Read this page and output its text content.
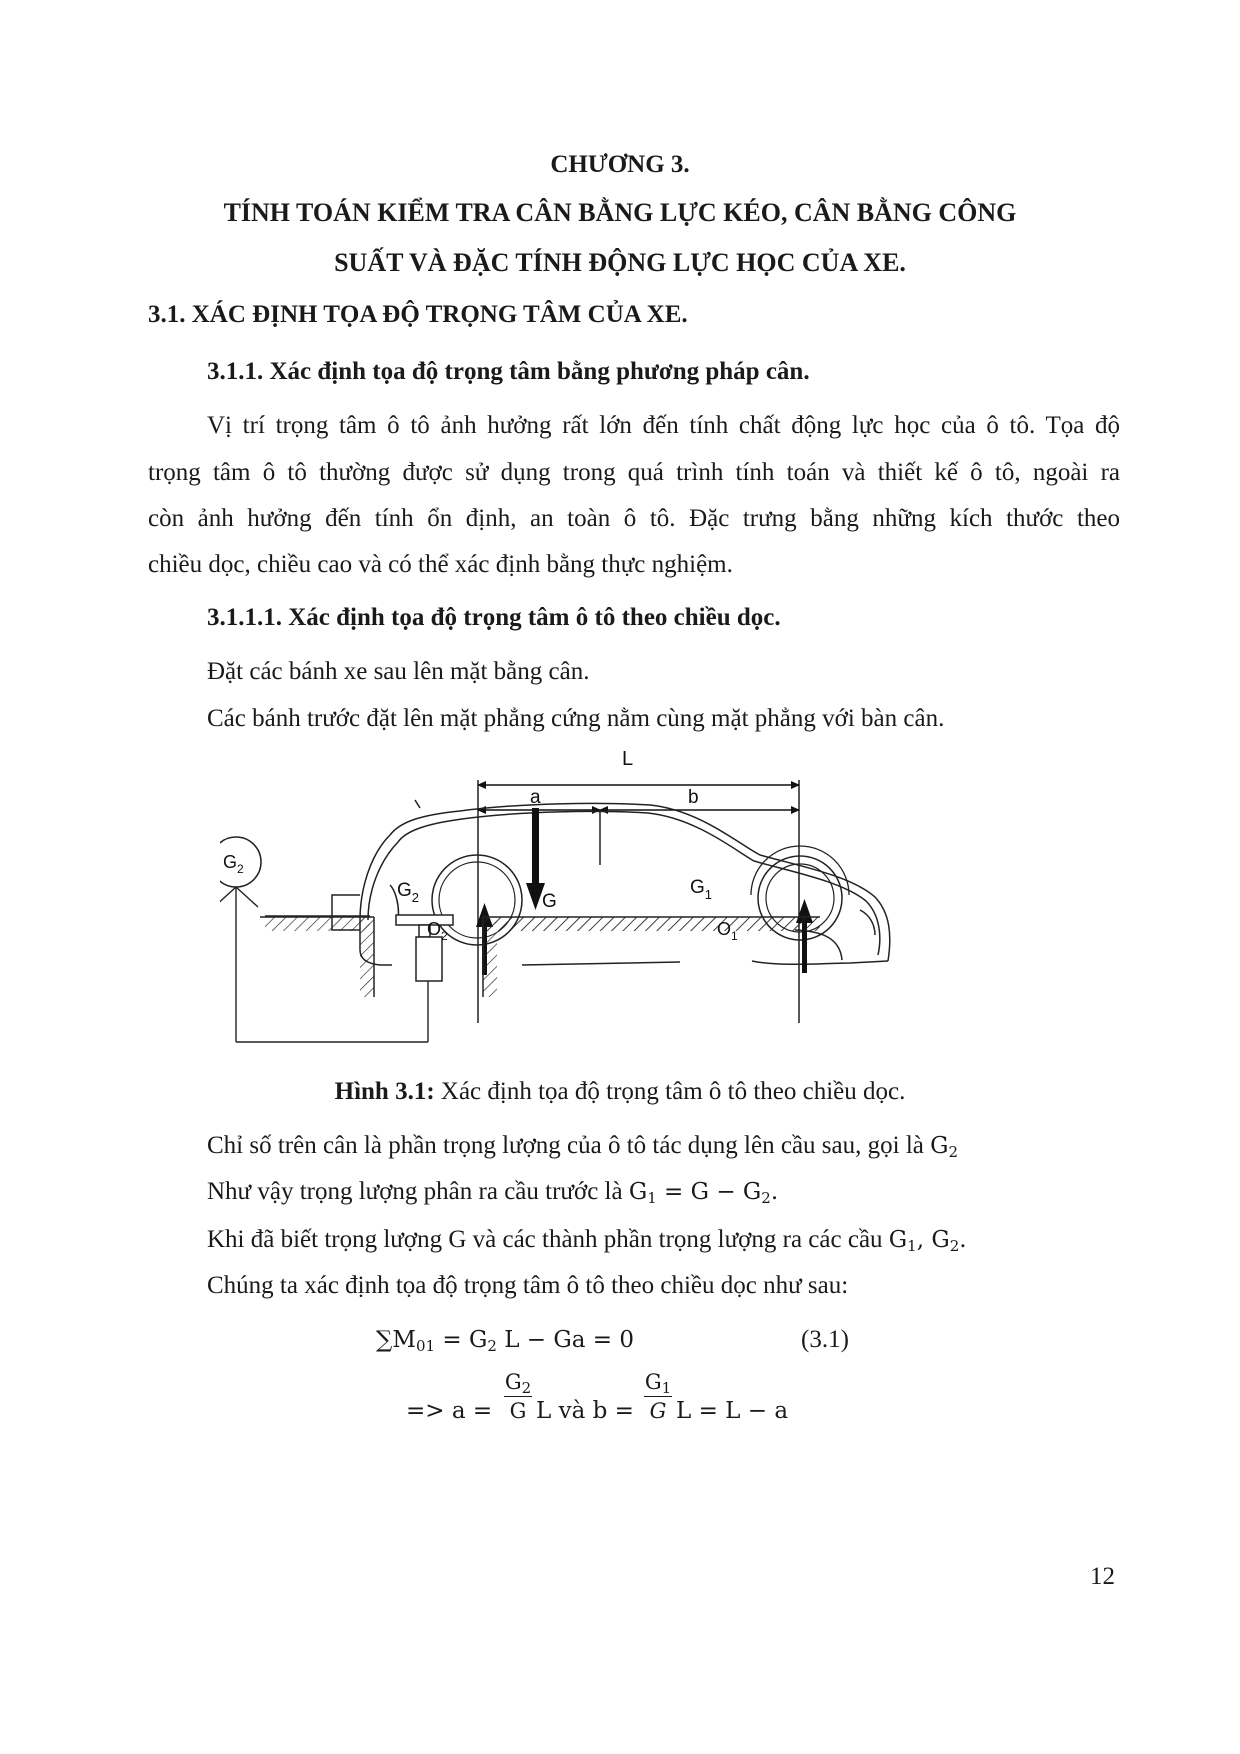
CHƯƠNG 3.
TÍNH TOÁN KIỂM TRA CÂN BẰNG LỰC KÉO, CÂN BẰNG CÔNG
SUẤT VÀ ĐẶC TÍNH ĐỘNG LỰC HỌC CỦA XE.
3.1. XÁC ĐỊNH TỌA ĐỘ TRỌNG TÂM CỦA XE.
3.1.1. Xác định tọa độ trọng tâm bằng phương pháp cân.
Vị trí trọng tâm ô tô ảnh hưởng rất lớn đến tính chất động lực học của ô tô. Tọa độ
trọng tâm ô tô thường được sử dụng trong quá trình tính toán và thiết kế ô tô, ngoài ra
còn ảnh hưởng đến tính ổn định, an toàn ô tô. Đặc trưng bằng những kích thước theo
chiều dọc, chiều cao và có thể xác định bằng thực nghiệm.
3.1.1.1. Xác định tọa độ trọng tâm ô tô theo chiều dọc.
Đặt các bánh xe sau lên mặt bằng cân.
Các bánh trước đặt lên mặt phẳng cứng nằm cùng mặt phẳng với bàn cân.
L
a	b
$G_2$	$G_1$
G
$O_2$	$O_1$
$G_2$
Hình 3.1: Xác định tọa độ trọng tâm ô tô theo chiều dọc.
Chỉ số trên cân là phần trọng lượng của ô tô tác dụng lên cầu sau, gọi là $G_2$
Như vậy trọng lượng phân ra cầu trước là $G_1 = G - G_2$.
Khi đã biết trọng lượng G và các thành phần trọng lượng ra các cầu $G_1$, $G_2$.
Chúng ta xác định tọa độ trọng tâm ô tô theo chiều dọc như sau:
$\sum M_{01} = G_2$ L − Ga = 0	(3.1)
=> a =
$G_2$
G L và b =
$G_1$
G L = L − a
12
